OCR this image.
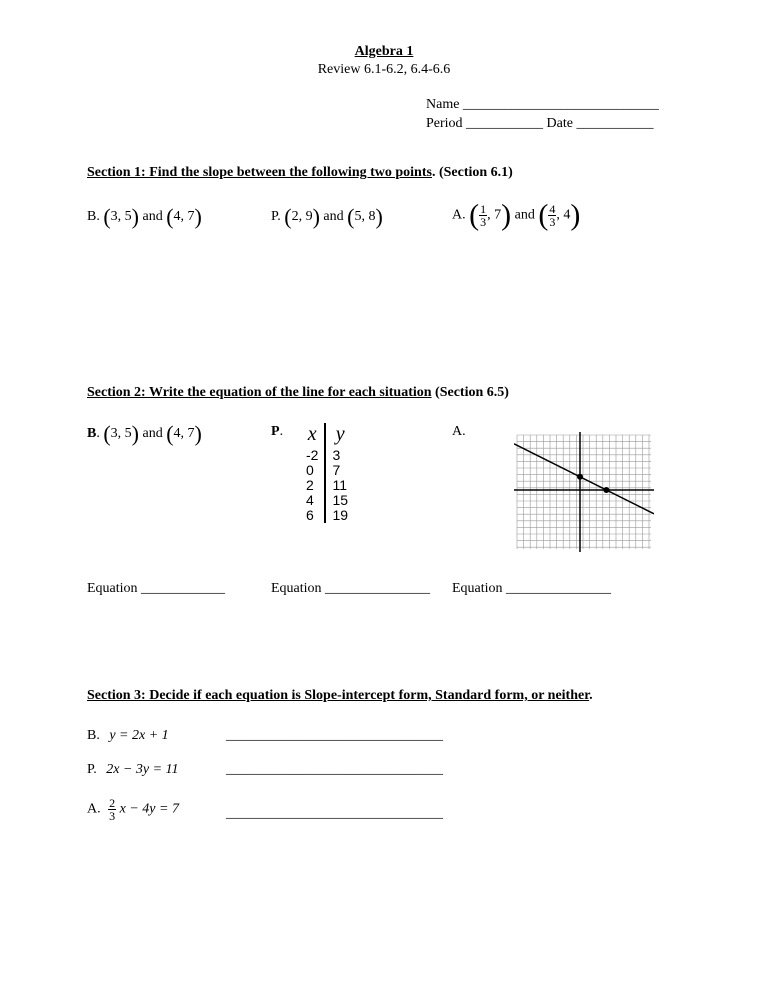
Algebra 1
Review 6.1-6.2, 6.4-6.6
Name ____________________________
Period ___________ Date ___________
Section 1: Find the slope between the following two points. (Section 6.1)
B. (3, 5) and (4, 7)	P. (2, 9) and (5, 8)	A. ( $\frac{1}{3}$ , 7) and ( $\frac{4}{3}$ , 4)
Section 2: Write the equation of the line for each situation (Section 6.5)
B. (3, 5) and (4, 7)	P. x	y
-2	3
0	7
2	11
4	15
6	19
A.
Equation ____________	Equation _______________ Equation _______________
Section 3: Decide if each equation is Slope-intercept form, Standard form, or neither.
B. y = 2x + 1	_______________________________
P. 2x − 3y = 11	_______________________________
A. $\frac{2}{3}$ x − 4y = 7	_______________________________
